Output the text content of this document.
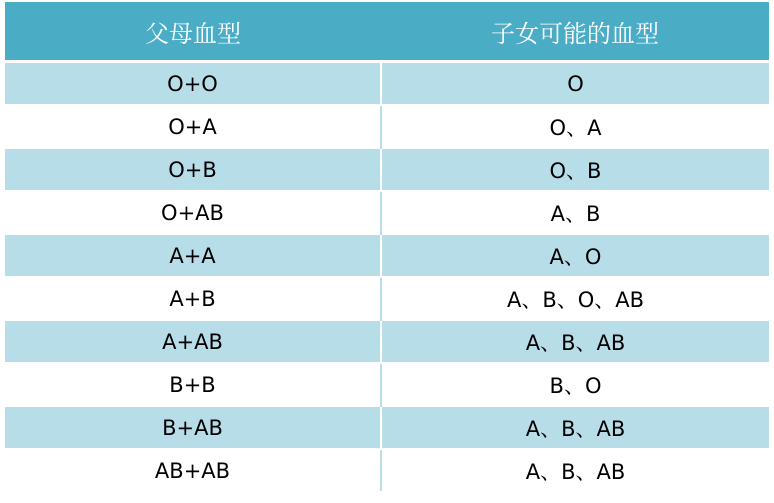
父母血型	子女可能的血型
O+O	O
O+A	O、A
O+B	O、B
O+AB	A、B
A+A	A、O
A+B	A、B、O、AB
A+AB	A、B、AB
B+B	B、O
B+AB	A、B、AB
AB+AB	A、B、AB
